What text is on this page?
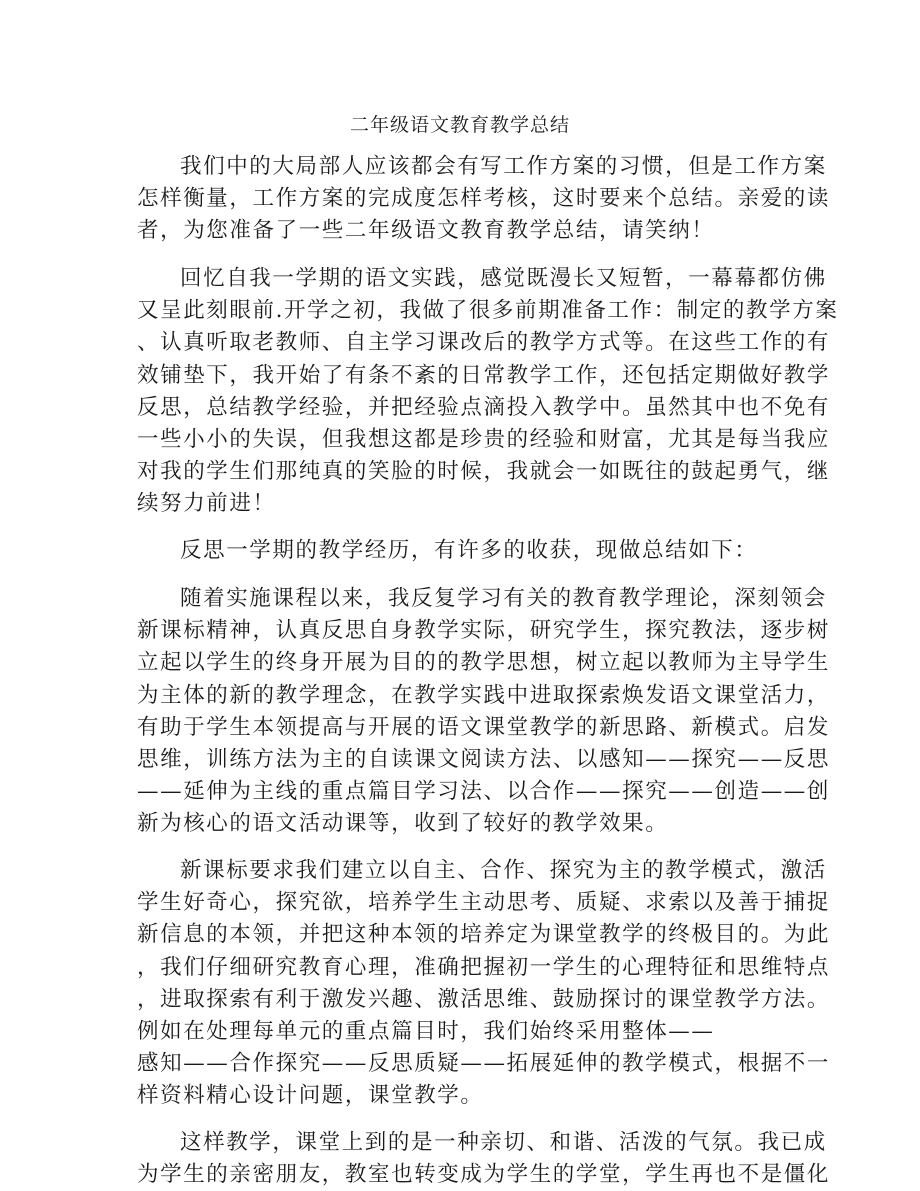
二年级语文教育教学总结
我们中的大局部人应该都会有写工作方案的习惯，但是工作方案
怎样衡量，工作方案的完成度怎样考核，这时要来个总结。亲爱的读
者，为您准备了一些二年级语文教育教学总结，请笑纳！
回忆自我一学期的语文实践，感觉既漫长又短暂，一幕幕都仿佛
又呈此刻眼前.开学之初，我做了很多前期准备工作：制定的教学方案
、认真听取老教师、自主学习课改后的教学方式等。在这些工作的有
效铺垫下，我开始了有条不紊的日常教学工作，还包括定期做好教学
反思，总结教学经验，并把经验点滴投入教学中。虽然其中也不免有
一些小小的失误，但我想这都是珍贵的经验和财富，尤其是每当我应
对我的学生们那纯真的笑脸的时候，我就会一如既往的鼓起勇气，继
续努力前进！
反思一学期的教学经历，有许多的收获，现做总结如下：
随着实施课程以来，我反复学习有关的教育教学理论，深刻领会
新课标精神，认真反思自身教学实际，研究学生，探究教法，逐步树
立起以学生的终身开展为目的的教学思想，树立起以教师为主导学生
为主体的新的教学理念，在教学实践中进取探索焕发语文课堂活力，
有助于学生本领提高与开展的语文课堂教学的新思路、新模式。启发
思维，训练方法为主的自读课文阅读方法、以感知——探究——反思
——延伸为主线的重点篇目学习法、以合作——探究——创造——创
新为核心的语文活动课等，收到了较好的教学效果。
新课标要求我们建立以自主、合作、探究为主的教学模式，激活
学生好奇心，探究欲，培养学生主动思考、质疑、求索以及善于捕捉
新信息的本领，并把这种本领的培养定为课堂教学的终极目的。为此
，我们仔细研究教育心理，准确把握初一学生的心理特征和思维特点
，进取探索有利于激发兴趣、激活思维、鼓励探讨的课堂教学方法。
例如在处理每单元的重点篇目时，我们始终采用整体——
感知——合作探究——反思质疑——拓展延伸的教学模式，根据不一
样资料精心设计问题，课堂教学。
这样教学，课堂上到的是一种亲切、和谐、活泼的气氛。我已成
为学生的亲密朋友，教室也转变成为学生的学堂，学生再也不是僵化
